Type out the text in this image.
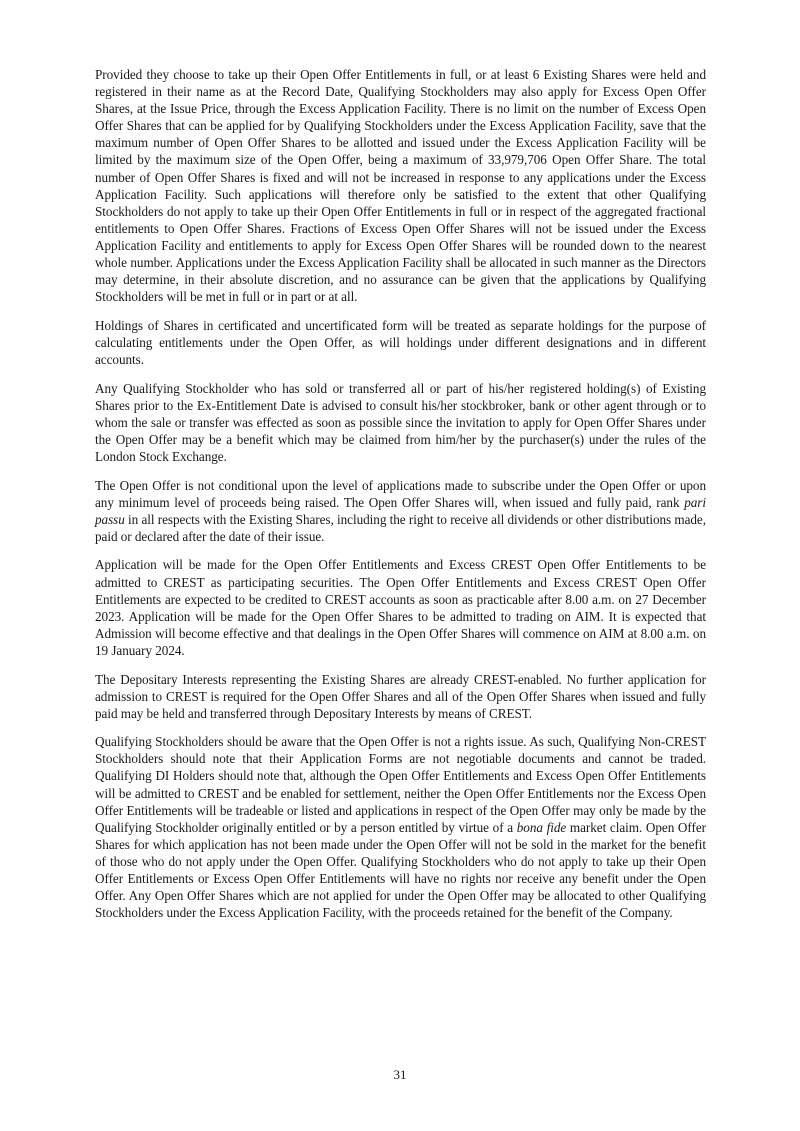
Provided they choose to take up their Open Offer Entitlements in full, or at least 6 Existing Shares were held and registered in their name as at the Record Date, Qualifying Stockholders may also apply for Excess Open Offer Shares, at the Issue Price, through the Excess Application Facility. There is no limit on the number of Excess Open Offer Shares that can be applied for by Qualifying Stockholders under the Excess Application Facility, save that the maximum number of Open Offer Shares to be allotted and issued under the Excess Application Facility will be limited by the maximum size of the Open Offer, being a maximum of 33,979,706 Open Offer Share. The total number of Open Offer Shares is fixed and will not be increased in response to any applications under the Excess Application Facility. Such applications will therefore only be satisfied to the extent that other Qualifying Stockholders do not apply to take up their Open Offer Entitlements in full or in respect of the aggregated fractional entitlements to Open Offer Shares. Fractions of Excess Open Offer Shares will not be issued under the Excess Application Facility and entitlements to apply for Excess Open Offer Shares will be rounded down to the nearest whole number. Applications under the Excess Application Facility shall be allocated in such manner as the Directors may determine, in their absolute discretion, and no assurance can be given that the applications by Qualifying Stockholders will be met in full or in part or at all.

Holdings of Shares in certificated and uncertificated form will be treated as separate holdings for the purpose of calculating entitlements under the Open Offer, as will holdings under different designations and in different accounts.

Any Qualifying Stockholder who has sold or transferred all or part of his/her registered holding(s) of Existing Shares prior to the Ex-Entitlement Date is advised to consult his/her stockbroker, bank or other agent through or to whom the sale or transfer was effected as soon as possible since the invitation to apply for Open Offer Shares under the Open Offer may be a benefit which may be claimed from him/her by the purchaser(s) under the rules of the London Stock Exchange.

The Open Offer is not conditional upon the level of applications made to subscribe under the Open Offer or upon any minimum level of proceeds being raised. The Open Offer Shares will, when issued and fully paid, rank pari passu in all respects with the Existing Shares, including the right to receive all dividends or other distributions made, paid or declared after the date of their issue.

Application will be made for the Open Offer Entitlements and Excess CREST Open Offer Entitlements to be admitted to CREST as participating securities. The Open Offer Entitlements and Excess CREST Open Offer Entitlements are expected to be credited to CREST accounts as soon as practicable after 8.00 a.m. on 27 December 2023. Application will be made for the Open Offer Shares to be admitted to trading on AIM. It is expected that Admission will become effective and that dealings in the Open Offer Shares will commence on AIM at 8.00 a.m. on 19 January 2024.

The Depositary Interests representing the Existing Shares are already CREST-enabled. No further application for admission to CREST is required for the Open Offer Shares and all of the Open Offer Shares when issued and fully paid may be held and transferred through Depositary Interests by means of CREST.

Qualifying Stockholders should be aware that the Open Offer is not a rights issue. As such, Qualifying Non-CREST Stockholders should note that their Application Forms are not negotiable documents and cannot be traded. Qualifying DI Holders should note that, although the Open Offer Entitlements and Excess Open Offer Entitlements will be admitted to CREST and be enabled for settlement, neither the Open Offer Entitlements nor the Excess Open Offer Entitlements will be tradeable or listed and applications in respect of the Open Offer may only be made by the Qualifying Stockholder originally entitled or by a person entitled by virtue of a bona fide market claim. Open Offer Shares for which application has not been made under the Open Offer will not be sold in the market for the benefit of those who do not apply under the Open Offer. Qualifying Stockholders who do not apply to take up their Open Offer Entitlements or Excess Open Offer Entitlements will have no rights nor receive any benefit under the Open Offer. Any Open Offer Shares which are not applied for under the Open Offer may be allocated to other Qualifying Stockholders under the Excess Application Facility, with the proceeds retained for the benefit of the Company.

31
